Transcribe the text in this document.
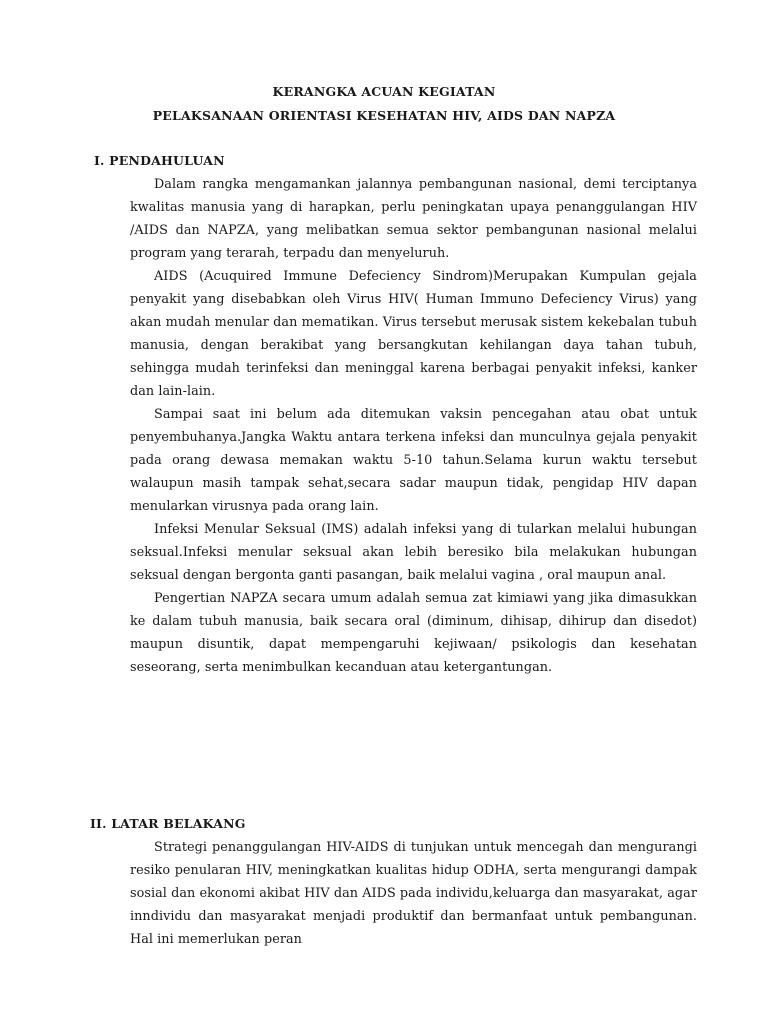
KERANGKA ACUAN KEGIATAN
PELAKSANAAN ORIENTASI KESEHATAN HIV, AIDS DAN NAPZA
I. PENDAHULUAN

Dalam rangka mengamankan jalannya pembangunan nasional, demi terciptanya kwalitas manusia yang di harapkan, perlu peningkatan upaya penanggulangan HIV /AIDS dan NAPZA, yang melibatkan semua sektor pembangunan nasional melalui program yang terarah, terpadu dan menyeluruh.

AIDS (Acuquired Immune Defeciency Sindrom)Merupakan Kumpulan gejala penyakit yang disebabkan oleh Virus HIV( Human Immuno Defeciency Virus) yang akan mudah menular dan mematikan. Virus tersebut merusak sistem kekebalan tubuh manusia, dengan berakibat yang bersangkutan kehilangan daya tahan tubuh, sehingga mudah terinfeksi dan meninggal karena berbagai penyakit infeksi, kanker dan lain-lain.

Sampai saat ini belum ada ditemukan vaksin pencegahan atau obat untuk penyembuhanya.Jangka Waktu antara terkena infeksi dan munculnya gejala penyakit pada orang dewasa memakan waktu 5-10 tahun.Selama kurun waktu tersebut walaupun masih tampak sehat,secara sadar maupun tidak, pengidap HIV dapan menularkan virusnya pada orang lain.

Infeksi Menular Seksual (IMS) adalah infeksi yang di tularkan melalui hubungan seksual.Infeksi menular seksual akan lebih beresiko bila melakukan hubungan seksual dengan bergonta ganti pasangan, baik melalui vagina , oral maupun anal.

Pengertian NAPZA secara umum adalah semua zat kimiawi yang jika dimasukkan ke dalam tubuh manusia, baik secara oral (diminum, dihisap, dihirup dan disedot) maupun disuntik, dapat mempengaruhi kejiwaan/ psikologis dan kesehatan seseorang, serta menimbulkan kecanduan atau ketergantungan.

II. LATAR BELAKANG

Strategi penanggulangan HIV-AIDS di tunjukan untuk mencegah dan mengurangi resiko penularan HIV, meningkatkan kualitas hidup ODHA, serta mengurangi dampak sosial dan ekonomi akibat HIV dan AIDS pada individu,keluarga dan masyarakat, agar inndividu dan masyarakat menjadi produktif dan bermanfaat untuk pembangunan. Hal ini memerlukan peran
